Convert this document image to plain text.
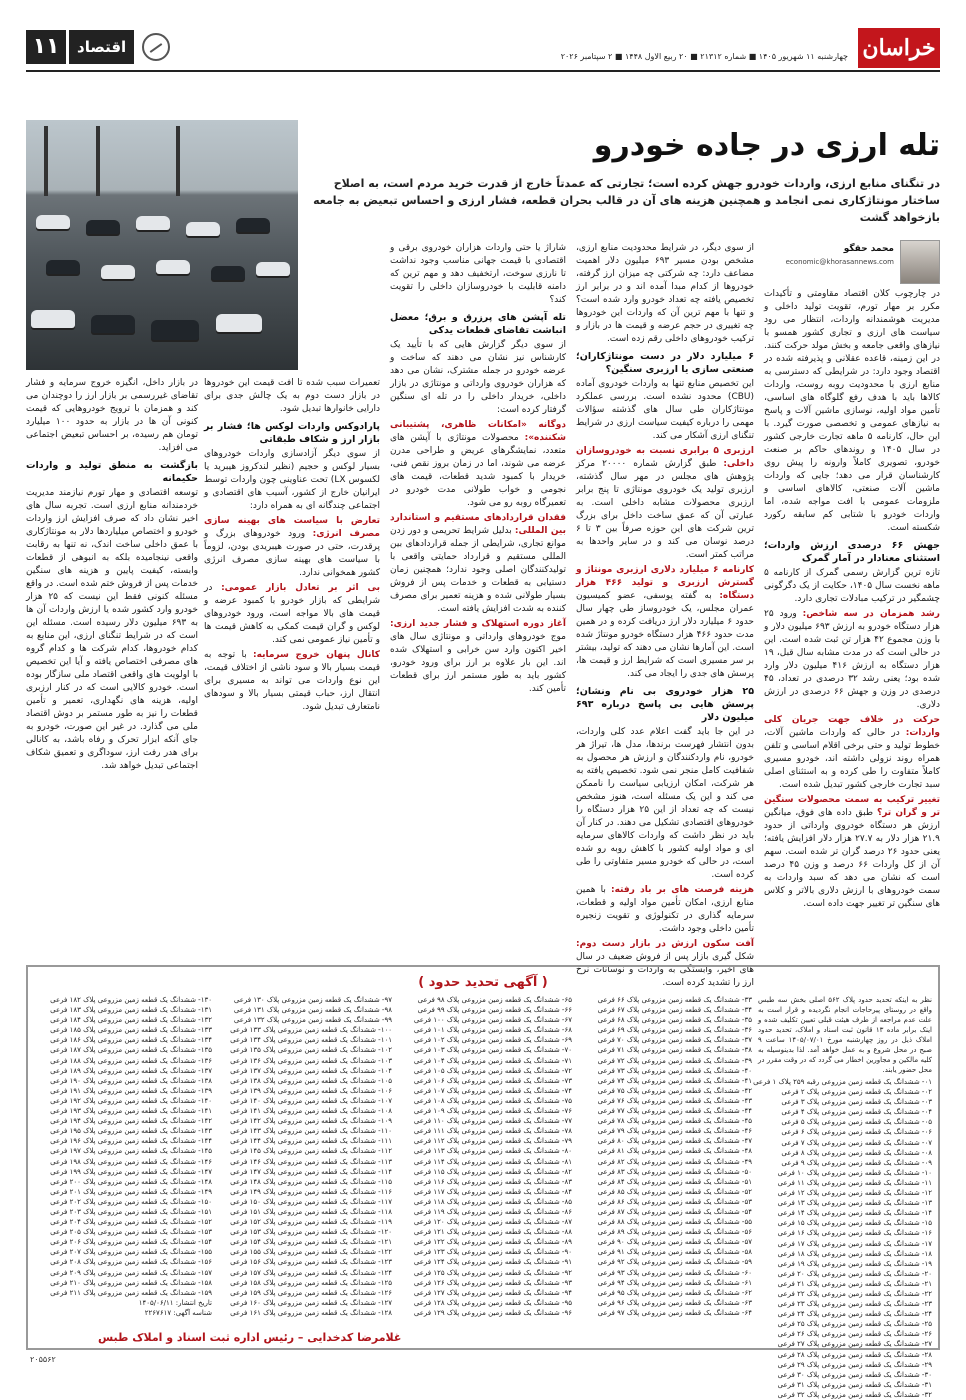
خراسان
چهارشنبه ۱۱ شهریور ۱۴۰۵ ■ شماره ۲۱۳۱۲ ■ ۲۰ ربیع الاول ۱۴۴۸ ■ ۲ سپتامبر ۲۰۲۶
۱۱	اقتصاد
تله ارزی در جاده خودرو
در تنگنای منابع ارزی، واردات خودرو جهش کرده است؛ تجارتی که عمدتاً خارج از قدرت خرید مردم است، به اصلاح ساختار مونتاژکاری نمی انجامد و همچنین هزینه های آن در قالب بحران قطعه، فشار ارزی و احساس تبعیض به جامعه بازخواهد گشت
محمد حقگو
economic@khorasannews.com

در چارچوب کلان اقتصاد مقاومتی و تأکیدات مکرر بر مهار تورم، تقویت تولید داخلی و مدیریت هوشمندانه واردات، انتظار می رود سیاست های ارزی و تجاری کشور همسو با نیازهای واقعی جامعه و بخش مولد حرکت کنند. در این زمینه، قاعده عقلانی و پذیرفته شده در اقتصاد وجود دارد: در شرایطی که دسترسی به منابع ارزی با محدودیت روبه روست، واردات کالاها باید با هدف رفع گلوگاه های اساسی، تأمین مواد اولیه، نوسازی ماشین آلات و پاسخ به نیازهای عمومی و تخصصی صورت گیرد. با این حال، کارنامه ۵ ماهه تجارت خارجی کشور در سال ۱۴۰۵ و روندهای حاکم بر صنعت خودرو، تصویری کاملاً وارونه را پیش روی کارشناسان قرار می دهد؛ جایی که واردات ماشین آلات صنعتی، کالاهای اساسی و ملزومات عمومی با افت مواجه شده، اما واردات خودرو با شتابی کم سابقه رکورد شکسته است.

جهش ۶۶ درصدی ارزش واردات؛ استثنای معنادار در آمار گمرک

تازه ترین گزارش رسمی گمرک از کارنامه ۵ ماهه نخست سال ۱۴۰۵، حکایت از یک دگرگونی چشمگیر در ترکیب مبادلات تجاری دارد.

رشد همزمان در سه شاخص: ورود ۲۵ هزار دستگاه خودرو به ارزش ۶۹۳ میلیون دلار و با وزن مجموع ۴۲ هزار تن ثبت شده است. این در حالی است که در مدت مشابه سال قبل، ۱۹ هزار دستگاه به ارزش ۴۱۶ میلیون دلار وارد شده بود؛ یعنی رشد ۳۲ درصدی در تعداد، ۴۵ درصدی در وزن و جهش ۶۶ درصدی در ارزش دلاری.

حرکت در خلاف جهت جریان کلی واردات: در حالی که واردات ماشین آلات، خطوط تولید و حتی برخی اقلام اساسی و تلفن همراه روند نزولی داشته اند، خودرو مسیری کاملاً متفاوت را طی کرده و به استثنای اصلی سبد تجارت خارجی کشور تبدیل شده است.

تغییر ترکیب به سمت محصولات سنگین تر و گران تر؟ طبق داده های فوق، میانگین ارزش هر دستگاه خودروی وارداتی از حدود ۲۱.۹ هزار دلار به ۲۷.۷ هزار دلار افزایش یافته؛ یعنی حدود ۲۶ درصد گران تر شده است. سهم آن از کل واردات ۶۶ درصد و وزن ۴۵ درصد است که نشان می دهد که سبد واردات به سمت خودروهای با ارزش دلاری بالاتر و کلاس های سنگین تر تغییر جهت داده است.

از سوی دیگر، در شرایط محدودیت منابع ارزی، مشخص بودن مسیر ۶۹۳ میلیون دلار اهمیت مضاعف دارد: چه شرکتی چه میزان ارز گرفته، خودروها از کدام مبدا آمده اند و در برابر ارز تخصیص یافته چه تعداد خودرو وارد شده است؟ و تنها با مهم ترین آن که واردات این خودروها چه تغییری در حجم عرضه و قیمت ها در بازار و ترکیب خودروهای داخلی رقم زده است.

۶ میلیارد دلار در دست مونتاژکاران؛ صنعتی سازی یا ارزبری سنگین؟

این تخصیص منابع تنها به واردات خودروی آماده (CBU) محدود نشده است. بررسی عملکرد مونتاژکاران طی سال های گذشته سؤالات مهمی را درباره کیفیت سیاست ارزی در شرایط تنگنای ارزی آشکار می کند.

ارزبری ۵ برابری نسبت به خودروسازان داخلی: طبق گزارش شماره ۲۰۰۰۰ مرکز پژوهش های مجلس در مهر سال گذشته، ارزبری تولید یک خودروی مونتاژی تا پنج برابر ارزبری محصولات مشابه داخلی است. به عبارتی آن که عمق ساخت داخل برای بزرگ ترین شرکت های این حوزه صرفاً بین ۳ تا ۶ درصد نوسان می کند و در سایر واحدها به مراتب کمتر است.

کارنامه ۶ میلیارد دلاری ارزبری مونتاژ و گسترش ارزبری و تولید ۴۶۶ هزار دستگاه: به گفته یوسفی، عضو کمیسیون عمران مجلس، یک خودروساز طی چهار سال حدود ۶ میلیارد دلار ارز دریافت کرده و در همین مدت حدود ۴۶۶ هزار دستگاه خودرو مونتاژ شده است. این آمارها نشان می دهند که تولید، بیشتر بر سر مسیری است که شرایط ارز و قیمت ها، پرسش های جدی را ایجاد می کند.

۲۵ هزار خودروی بی نام ونشان؛ پرسش هایی بی پاسخ درباره ۶۹۳ میلیون دلار

در این جا باید گفت اعلام عدد کلی واردات، بدون انتشار فهرست برندها، مدل ها، تیراژ هر خودرو، نام واردکنندگان و ارزش هر محصول به شفافیت کامل منجر نمی شود. تخصیص یافته به هر شرکت، امکان ارزیابی سیاست را ناممکن می کند و این یک مسئله است، هنوز مشخص نیست که چه تعداد از این ۲۵ هزار دستگاه را خودروهای اقتصادی تشکیل می دهند. در کنار آن باید در نظر داشت که واردات کالاهای سرمایه ای و مواد اولیه کشور با کاهش روبه رو شده است، در حالی که خودرو مسیر متفاوتی را طی کرده است.

هزینه فرصت های بر باد رفته: با همین منابع ارزی، امکان تأمین مواد اولیه و قطعات، سرمایه گذاری در تکنولوژی و تقویت زنجیره تأمین داخلی وجود داشت.

آفت سکون ارزش در بازار دست دوم: شکل گیری بازار پس از فروش ضعیف در سال های اخیر، وابستگی به واردات و نوسانات نرخ ارز را تشدید کرده است.

شاراژ یا حتی واردات هزاران خودروی برقی و اقتصادی با قیمت جهانی مناسب وجود نداشت تا نارزی سوخت، ارتخفیف دهد و مهم ترین که دامنه قابلیت با خودروسازان داخلی را تقویت کند؟

تله آپشن های پرزرق و برق؛ معضل انباشت تقاضای قطعات یدکی

از سوی دیگر گزارش هایی که با تأیید یک کارشناس نیز نشان می دهند که ساخت و عرضه خودرو در جمله مشترک، نشان می دهد که هزاران خودروی وارداتی و مونتاژی در بازار داخلی، خریدار داخلی را در تله ای سنگین گرفتار کرده است:

دوگانه «امکانات ظاهری، پشتیبانی شکننده»: محصولات مونتاژی با آپشن های متعدد، نمایشگرهای عریض و طراحی مدرن عرضه می شوند، اما در زمان بروز نقص فنی، خریدار با کمبود شدید قطعات، قیمت های نجومی و خواب طولانی مدت خودرو در تعمیرگاه روبه رو می شود.

فقدان قراردادهای مستقیم و استاندارد بین المللی: بدلیل شرایط تحریمی و دور زدن موانع تجاری، شرایطی از جمله قراردادهای بین المللی مستقیم و قرارداد حمایتی واقعی با تولیدکنندگان اصلی وجود ندارد؛ همچنین زمان دستیابی به قطعات و خدمات پس از فروش بسیار طولانی شده و هزینه تعمیر برای مصرف کننده به شدت افزایش یافته است.

آغاز دوره استهلاک و فشار جدید ارزی: موج خودروهای وارداتی و مونتاژی سال های اخیر اکنون وارد سن خرابی و استهلاک شده اند. این بار علاوه بر ارز برای ورود خودرو، کشور باید به طور مستمر ارز برای قطعات تأمین کند.

تعمیرات سبب شده تا افت قیمت این خودروها در بازار دست دوم به یک چالش جدی برای دارایی خانوارها تبدیل شود.

پارادوکس واردات لوکس ها؛ فشار بر بازار ارز و شکاف طبقاتی

از سوی دیگر آزادسازی واردات خودروهای بسیار لوکس و حجیم (نظیر لندکروز هیبرید یا لکسوس LX) تحت عناوینی چون واردات توسط ایرانیان خارج از کشور، آسیب های اقتصادی و اجتماعی چندگانه ای به همراه دارد:

تعارض با سیاست های بهینه سازی مصرف انرژی: ورود خودروهای بزرگ و پرقدرت، حتی در صورت هیبریدی بودن، لزوماً با سیاست های بهینه سازی مصرف انرژی کشور همخوانی ندارد.

بی اثر بر تعادل بازار عمومی: در شرایطی که بازار خودرو با کمبود عرضه و قیمت های بالا مواجه است، ورود خودروهای لوکس و گران قیمت کمکی به کاهش قیمت ها و تأمین نیاز عمومی نمی کند.

کانال پنهان خروج سرمایه: با توجه به قیمت بسیار بالا و سود ناشی از اختلاف قیمت، این نوع واردات می تواند به مسیری برای انتقال ارز، حباب قیمتی بسیار بالا و سودهای نامتعارف تبدیل شود.

در بازار داخل، انگیزه خروج سرمایه و فشار تقاضای غیررسمی بر بازار ارز را دوچندان می کند و همزمان با ترویج خودروهایی که قیمت کنونی آن ها در بازار به حدود ۱۰۰ میلیارد تومان هم رسیده، بر احساس تبعیض اجتماعی می افزاید.

بازگشت به منطق تولید و واردات حکیمانه

توسعه اقتصادی و مهار تورم نیازمند مدیریت خردمندانه منابع ارزی است. تجربه سال های اخیر نشان داد که صرف افزایش ارز واردات خودرو و اختصاص میلیاردها دلار به مونتاژکاری با عمق داخلی ساخت اندک، نه تنها به رقابت واقعی نینجامیده بلکه به انبوهی از قطعات وابسته، کیفیت پایین و هزینه های سنگین خدمات پس از فروش ختم شده است. در واقع مسئله کنونی فقط این نیست که ۲۵ هزار خودرو وارد کشور شده یا ارزش واردات آن ها به ۶۹۳ میلیون دلار رسیده است. مسئله این است که در شرایط تنگنای ارزی، این منابع به کدام خودروها، کدام شرکت ها و کدام گروه های مصرفی اختصاص یافته و آیا این تخصیص با اولویت های واقعی اقتصاد ملی سازگار بوده است. خودرو کالایی است که در کنار ارزبری اولیه، هزینه های نگهداری، تعمیر و تأمین قطعات را نیز به طور مستمر بر دوش اقتصاد ملی می گذارد. در غیر این صورت، خودرو به جای آنکه ابزار تحرک و رفاه باشد، به کانالی برای هدر رفت ارز، سوداگری و تعمیق شکاف اجتماعی تبدیل خواهد شد.

( آگهی تحدید حدود )

نظر به اینکه تحدید حدود پلاک ۵۶۲ اصلی بخش سه طبس واقع در روستای پیرحاجات انجام نگردیده و قرار است به علت عدم مراجعه از طرف هیئت قبلی تعیین تکلیف شده و اینک برابر ماده ۱۳ قانون ثبت اسناد و املاک، تحدید حدود املاک ذیل در روز چهارشنبه مورخ ۱۴۰۵/۰۷/۰۱ ساعت ۹ صبح در محل شروع و به عمل خواهد آمد. لذا بدینوسیله به کلیه مالکین و مجاورین اخطار می گردد که در وقت مقرر در محل حضور یابند.

۰۱- ششدانگ یک قطعه زمین مزروعی رقبه ۲۵۹ پلاک ۱ فرعی
۰۲- ششدانگ یک قطعه زمین مزروعی پلاک ۲ فرعی
۰۳- ششدانگ یک قطعه زمین مزروعی پلاک ۳ فرعی
۰۴- ششدانگ یک قطعه زمین مزروعی پلاک ۴ فرعی
۰۵- ششدانگ یک قطعه زمین مزروعی پلاک ۵ فرعی
۰۶- ششدانگ یک قطعه زمین مزروعی پلاک ۶ فرعی
۰۷- ششدانگ یک قطعه زمین مزروعی پلاک ۷ فرعی
۰۸- ششدانگ یک قطعه زمین مزروعی پلاک ۸ فرعی
۰۹- ششدانگ یک قطعه زمین مزروعی پلاک ۹ فرعی
۱۰- ششدانگ یک قطعه زمین مزروعی پلاک ۱۰ فرعی
۱۱- ششدانگ یک قطعه زمین مزروعی پلاک ۱۱ فرعی
۱۲- ششدانگ یک قطعه زمین مزروعی پلاک ۱۲ فرعی
۱۳- ششدانگ یک قطعه زمین مزروعی پلاک ۱۳ فرعی
۱۴- ششدانگ یک قطعه زمین مزروعی پلاک ۱۴ فرعی
۱۵- ششدانگ یک قطعه زمین مزروعی پلاک ۱۵ فرعی
۱۶- ششدانگ یک قطعه زمین مزروعی پلاک ۱۶ فرعی
۱۷- ششدانگ یک قطعه زمین مزروعی پلاک ۱۷ فرعی
۱۸- ششدانگ یک قطعه زمین مزروعی پلاک ۱۸ فرعی
۱۹- ششدانگ یک قطعه زمین مزروعی پلاک ۱۹ فرعی
۲۰- ششدانگ یک قطعه زمین مزروعی پلاک ۲۰ فرعی
۲۱- ششدانگ یک قطعه زمین مزروعی پلاک ۲۱ فرعی
۲۲- ششدانگ یک قطعه زمین مزروعی پلاک ۲۲ فرعی
۲۳- ششدانگ یک قطعه زمین مزروعی پلاک ۲۳ فرعی
۲۴- ششدانگ یک قطعه زمین مزروعی پلاک ۲۴ فرعی
۲۵- ششدانگ یک قطعه زمین مزروعی پلاک ۲۵ فرعی
۲۶- ششدانگ یک قطعه زمین مزروعی پلاک ۲۶ فرعی
۲۷- ششدانگ یک قطعه زمین مزروعی پلاک ۲۷ فرعی
۲۸- ششدانگ یک قطعه زمین مزروعی پلاک ۲۸ فرعی
۲۹- ششدانگ یک قطعه زمین مزروعی پلاک ۲۹ فرعی
۳۰- ششدانگ یک قطعه زمین مزروعی پلاک ۳۰ فرعی
۳۱- ششدانگ یک قطعه زمین مزروعی پلاک ۳۱ فرعی
۳۲- ششدانگ یک قطعه زمین مزروعی پلاک ۳۲ فرعی
۳۳- ششدانگ یک قطعه زمین مزروعی پلاک ۶۶ فرعی
۳۴- ششدانگ یک قطعه زمین مزروعی پلاک ۶۷ فرعی
۳۵- ششدانگ یک قطعه زمین مزروعی پلاک ۶۸ فرعی
۳۶- ششدانگ یک قطعه زمین مزروعی پلاک ۶۹ فرعی
۳۷- ششدانگ یک قطعه زمین مزروعی پلاک ۷۰ فرعی
۳۸- ششدانگ یک قطعه زمین مزروعی پلاک ۷۱ فرعی
۳۹- ششدانگ یک قطعه زمین مزروعی پلاک ۷۲ فرعی
۴۰- ششدانگ یک قطعه زمین مزروعی پلاک ۷۳ فرعی
۴۱- ششدانگ یک قطعه زمین مزروعی پلاک ۷۴ فرعی
۴۲- ششدانگ یک قطعه زمین مزروعی پلاک ۷۵ فرعی
۴۳- ششدانگ یک قطعه زمین مزروعی پلاک ۷۶ فرعی
۴۴- ششدانگ یک قطعه زمین مزروعی پلاک ۷۷ فرعی
۴۵- ششدانگ یک قطعه زمین مزروعی پلاک ۷۸ فرعی
۴۶- ششدانگ یک قطعه زمین مزروعی پلاک ۷۹ فرعی
۴۷- ششدانگ یک قطعه زمین مزروعی پلاک ۸۰ فرعی
۴۸- ششدانگ یک قطعه زمین مزروعی پلاک ۸۱ فرعی
۴۹- ششدانگ یک قطعه زمین مزروعی پلاک ۸۲ فرعی
۵۰- ششدانگ یک قطعه زمین مزروعی پلاک ۸۳ فرعی
۵۱- ششدانگ یک قطعه زمین مزروعی پلاک ۸۴ فرعی
۵۲- ششدانگ یک قطعه زمین مزروعی پلاک ۸۵ فرعی
۵۳- ششدانگ یک قطعه زمین مزروعی پلاک ۸۶ فرعی
۵۴- ششدانگ یک قطعه زمین مزروعی پلاک ۸۷ فرعی
۵۵- ششدانگ یک قطعه زمین مزروعی پلاک ۸۸ فرعی
۵۶- ششدانگ یک قطعه زمین مزروعی پلاک ۸۹ فرعی
۵۷- ششدانگ یک قطعه زمین مزروعی پلاک ۹۰ فرعی
۵۸- ششدانگ یک قطعه زمین مزروعی پلاک ۹۱ فرعی
۵۹- ششدانگ یک قطعه زمین مزروعی پلاک ۹۲ فرعی
۶۰- ششدانگ یک قطعه زمین مزروعی پلاک ۹۳ فرعی
۶۱- ششدانگ یک قطعه زمین مزروعی پلاک ۹۴ فرعی
۶۲- ششدانگ یک قطعه زمین مزروعی پلاک ۹۵ فرعی
۶۳- ششدانگ یک قطعه زمین مزروعی پلاک ۹۶ فرعی
۶۴- ششدانگ یک قطعه زمین مزروعی پلاک ۹۷ فرعی
۶۵- ششدانگ یک قطعه زمین مزروعی پلاک ۹۸ فرعی
۶۶- ششدانگ یک قطعه زمین مزروعی پلاک ۹۹ فرعی
۶۷- ششدانگ یک قطعه زمین مزروعی پلاک ۱۰۰ فرعی
۶۸- ششدانگ یک قطعه زمین مزروعی پلاک ۱۰۱ فرعی
۶۹- ششدانگ یک قطعه زمین مزروعی پلاک ۱۰۲ فرعی
۷۰- ششدانگ یک قطعه زمین مزروعی پلاک ۱۰۳ فرعی
۷۱- ششدانگ یک قطعه زمین مزروعی پلاک ۱۰۴ فرعی
۷۲- ششدانگ یک قطعه زمین مزروعی پلاک ۱۰۵ فرعی
۷۳- ششدانگ یک قطعه زمین مزروعی پلاک ۱۰۶ فرعی
۷۴- ششدانگ یک قطعه زمین مزروعی پلاک ۱۰۷ فرعی
۷۵- ششدانگ یک قطعه زمین مزروعی پلاک ۱۰۸ فرعی
۷۶- ششدانگ یک قطعه زمین مزروعی پلاک ۱۰۹ فرعی
۷۷- ششدانگ یک قطعه زمین مزروعی پلاک ۱۱۰ فرعی
۷۸- ششدانگ یک قطعه زمین مزروعی پلاک ۱۱۱ فرعی
۷۹- ششدانگ یک قطعه زمین مزروعی پلاک ۱۱۲ فرعی
۸۰- ششدانگ یک قطعه زمین مزروعی پلاک ۱۱۳ فرعی
۸۱- ششدانگ یک قطعه زمین مزروعی پلاک ۱۱۴ فرعی
۸۲- ششدانگ یک قطعه زمین مزروعی پلاک ۱۱۵ فرعی
۸۳- ششدانگ یک قطعه زمین مزروعی پلاک ۱۱۶ فرعی
۸۴- ششدانگ یک قطعه زمین مزروعی پلاک ۱۱۷ فرعی
۸۵- ششدانگ یک قطعه زمین مزروعی پلاک ۱۱۸ فرعی
۸۶- ششدانگ یک قطعه زمین مزروعی پلاک ۱۱۹ فرعی
۸۷- ششدانگ یک قطعه زمین مزروعی پلاک ۱۲۰ فرعی
۸۸- ششدانگ یک قطعه زمین مزروعی پلاک ۱۲۱ فرعی
۸۹- ششدانگ یک قطعه زمین مزروعی پلاک ۱۲۲ فرعی
۹۰- ششدانگ یک قطعه زمین مزروعی پلاک ۱۲۳ فرعی
۹۱- ششدانگ یک قطعه زمین مزروعی پلاک ۱۲۴ فرعی
۹۲- ششدانگ یک قطعه زمین مزروعی پلاک ۱۲۵ فرعی
۹۳- ششدانگ یک قطعه زمین مزروعی پلاک ۱۲۶ فرعی
۹۴- ششدانگ یک قطعه زمین مزروعی پلاک ۱۲۷ فرعی
۹۵- ششدانگ یک قطعه زمین مزروعی پلاک ۱۲۸ فرعی
۹۶- ششدانگ یک قطعه زمین مزروعی پلاک ۱۲۹ فرعی
۹۷- ششدانگ یک قطعه زمین مزروعی پلاک ۱۳۰ فرعی
۹۸- ششدانگ یک قطعه زمین مزروعی پلاک ۱۳۱ فرعی
۹۹- ششدانگ یک قطعه زمین مزروعی پلاک ۱۳۲ فرعی
۱۰۰- ششدانگ یک قطعه زمین مزروعی پلاک ۱۳۳ فرعی
۱۰۱- ششدانگ یک قطعه زمین مزروعی پلاک ۱۳۴ فرعی
۱۰۲- ششدانگ یک قطعه زمین مزروعی پلاک ۱۳۵ فرعی
۱۰۳- ششدانگ یک قطعه زمین مزروعی پلاک ۱۳۶ فرعی
۱۰۴- ششدانگ یک قطعه زمین مزروعی پلاک ۱۳۷ فرعی
۱۰۵- ششدانگ یک قطعه زمین مزروعی پلاک ۱۳۸ فرعی
۱۰۶- ششدانگ یک قطعه زمین مزروعی پلاک ۱۳۹ فرعی
۱۰۷- ششدانگ یک قطعه زمین مزروعی پلاک ۱۴۰ فرعی
۱۰۸- ششدانگ یک قطعه زمین مزروعی پلاک ۱۴۱ فرعی
۱۰۹- ششدانگ یک قطعه زمین مزروعی پلاک ۱۴۲ فرعی
۱۱۰- ششدانگ یک قطعه زمین مزروعی پلاک ۱۴۳ فرعی
۱۱۱- ششدانگ یک قطعه زمین مزروعی پلاک ۱۴۴ فرعی
۱۱۲- ششدانگ یک قطعه زمین مزروعی پلاک ۱۴۵ فرعی
۱۱۳- ششدانگ یک قطعه زمین مزروعی پلاک ۱۴۶ فرعی
۱۱۴- ششدانگ یک قطعه زمین مزروعی پلاک ۱۴۷ فرعی
۱۱۵- ششدانگ یک قطعه زمین مزروعی پلاک ۱۴۸ فرعی
۱۱۶- ششدانگ یک قطعه زمین مزروعی پلاک ۱۴۹ فرعی
۱۱۷- ششدانگ یک قطعه زمین مزروعی پلاک ۱۵۰ فرعی
۱۱۸- ششدانگ یک قطعه زمین مزروعی پلاک ۱۵۱ فرعی
۱۱۹- ششدانگ یک قطعه زمین مزروعی پلاک ۱۵۲ فرعی
۱۲۰- ششدانگ یک قطعه زمین مزروعی پلاک ۱۵۳ فرعی
۱۲۱- ششدانگ یک قطعه زمین مزروعی پلاک ۱۵۴ فرعی
۱۲۲- ششدانگ یک قطعه زمین مزروعی پلاک ۱۵۵ فرعی
۱۲۳- ششدانگ یک قطعه زمین مزروعی پلاک ۱۵۶ فرعی
۱۲۴- ششدانگ یک قطعه زمین مزروعی پلاک ۱۵۷ فرعی
۱۲۵- ششدانگ یک قطعه زمین مزروعی پلاک ۱۵۸ فرعی
۱۲۶- ششدانگ یک قطعه زمین مزروعی پلاک ۱۵۹ فرعی
۱۲۷- ششدانگ یک قطعه زمین مزروعی پلاک ۱۶۰ فرعی
۱۲۸- ششدانگ یک قطعه زمین مزروعی پلاک ۱۶۱ فرعی
۱۳۰- ششدانگ یک قطعه زمین مزروعی پلاک ۱۸۲ فرعی
۱۳۱- ششدانگ یک قطعه زمین مزروعی پلاک ۱۸۳ فرعی
۱۳۲- ششدانگ یک قطعه زمین مزروعی پلاک ۱۸۴ فرعی
۱۳۳- ششدانگ یک قطعه زمین مزروعی پلاک ۱۸۵ فرعی
۱۳۴- ششدانگ یک قطعه زمین مزروعی پلاک ۱۸۶ فرعی
۱۳۵- ششدانگ یک قطعه زمین مزروعی پلاک ۱۸۷ فرعی
۱۳۶- ششدانگ یک قطعه زمین مزروعی پلاک ۱۸۸ فرعی
۱۳۷- ششدانگ یک قطعه زمین مزروعی پلاک ۱۸۹ فرعی
۱۳۸- ششدانگ یک قطعه زمین مزروعی پلاک ۱۹۰ فرعی
۱۳۹- ششدانگ یک قطعه زمین مزروعی پلاک ۱۹۱ فرعی
۱۴۰- ششدانگ یک قطعه زمین مزروعی پلاک ۱۹۲ فرعی
۱۴۱- ششدانگ یک قطعه زمین مزروعی پلاک ۱۹۳ فرعی
۱۴۲- ششدانگ یک قطعه زمین مزروعی پلاک ۱۹۴ فرعی
۱۴۳- ششدانگ یک قطعه زمین مزروعی پلاک ۱۹۵ فرعی
۱۴۴- ششدانگ یک قطعه زمین مزروعی پلاک ۱۹۶ فرعی
۱۴۵- ششدانگ یک قطعه زمین مزروعی پلاک ۱۹۷ فرعی
۱۴۶- ششدانگ یک قطعه زمین مزروعی پلاک ۱۹۸ فرعی
۱۴۷- ششدانگ یک قطعه زمین مزروعی پلاک ۱۹۹ فرعی
۱۴۸- ششدانگ یک قطعه زمین مزروعی پلاک ۲۰۰ فرعی
۱۴۹- ششدانگ یک قطعه زمین مزروعی پلاک ۲۰۱ فرعی
۱۵۰- ششدانگ یک قطعه زمین مزروعی پلاک ۲۰۲ فرعی
۱۵۱- ششدانگ یک قطعه زمین مزروعی پلاک ۲۰۳ فرعی
۱۵۲- ششدانگ یک قطعه زمین مزروعی پلاک ۲۰۴ فرعی
۱۵۳- ششدانگ یک قطعه زمین مزروعی پلاک ۲۰۵ فرعی
۱۵۴- ششدانگ یک قطعه زمین مزروعی پلاک ۲۰۶ فرعی
۱۵۵- ششدانگ یک قطعه زمین مزروعی پلاک ۲۰۷ فرعی
۱۵۶- ششدانگ یک قطعه زمین مزروعی پلاک ۲۰۸ فرعی
۱۵۷- ششدانگ یک قطعه زمین مزروعی پلاک ۲۰۹ فرعی
۱۵۸- ششدانگ یک قطعه زمین مزروعی پلاک ۲۱۰ فرعی
۱۵۹- ششدانگ یک قطعه زمین مزروعی پلاک ۲۱۱ فرعی
تاریخ انتشار: ۱۴۰۵/۰۶/۱۱
شناسه آگهی: ۲۲۶۷۶۱۷
غلامرضا کدخدایی – رئیس اداره ثبت اسناد و املاک طبس
۲۰۵۵۶۲
